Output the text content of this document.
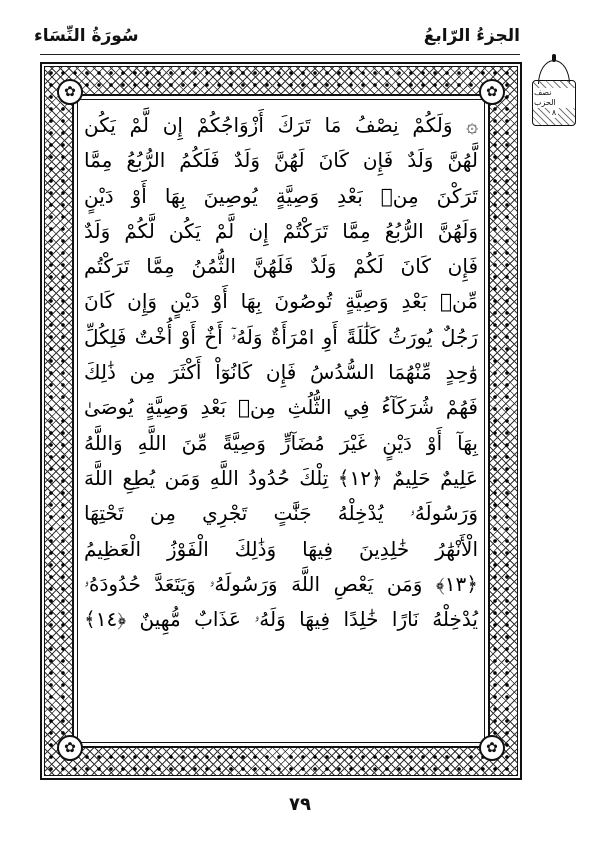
الجزءُ الرّابعُ
سُورَةُ النِّسَاء
نصف الحزب
٨
✿
✿
✿
✿
۞ وَلَكُمْ نِصْفُ مَا تَرَكَ أَزْوَاجُكُمْ إِن لَّمْ يَكُن
لَّهُنَّ وَلَدٌ فَإِن كَانَ لَهُنَّ وَلَدٌ فَلَكُمُ الرُّبُعُ مِمَّا
تَرَكْنَ مِنۢ بَعْدِ وَصِيَّةٍ يُوصِينَ بِهَا أَوْ دَيْنٍ
وَلَهُنَّ الرُّبُعُ مِمَّا تَرَكْتُمْ إِن لَّمْ يَكُن لَّكُمْ وَلَدٌ
فَإِن كَانَ لَكُمْ وَلَدٌ فَلَهُنَّ الثُّمُنُ مِمَّا تَرَكْتُم
مِّنۢ بَعْدِ وَصِيَّةٍ تُوصُونَ بِهَا أَوْ دَيْنٍ وَإِن كَانَ
رَجُلٌ يُورَثُ كَلَٰلَةً أَوِ امْرَأَةٌ وَلَهُۥٓ أَخٌ أَوْ أُخْتٌ فَلِكُلِّ
وَٰحِدٍ مِّنْهُمَا السُّدُسُ فَإِن كَانُوٓاْ أَكْثَرَ مِن ذَٰلِكَ
فَهُمْ شُرَكَآءُ فِي الثُّلُثِ مِنۢ بَعْدِ وَصِيَّةٍ يُوصَىٰ
بِهَآ أَوْ دَيْنٍ غَيْرَ مُضَآرٍّ وَصِيَّةً مِّنَ اللَّهِ وَاللَّهُ
عَلِيمٌ حَلِيمٌ ﴿١٢﴾ تِلْكَ حُدُودُ اللَّهِ وَمَن يُطِعِ اللَّهَ
وَرَسُولَهُۥ يُدْخِلْهُ جَنَّٰتٍ تَجْرِي مِن تَحْتِهَا
الْأَنْهَٰرُ خَٰلِدِينَ فِيهَا وَذَٰلِكَ الْفَوْزُ الْعَظِيمُ
﴿١٣﴾ وَمَن يَعْصِ اللَّهَ وَرَسُولَهُۥ وَيَتَعَدَّ حُدُودَهُۥ
يُدْخِلْهُ نَارًا خَٰلِدًا فِيهَا وَلَهُۥ عَذَابٌ مُّهِينٌ ﴿١٤﴾
٧٩
